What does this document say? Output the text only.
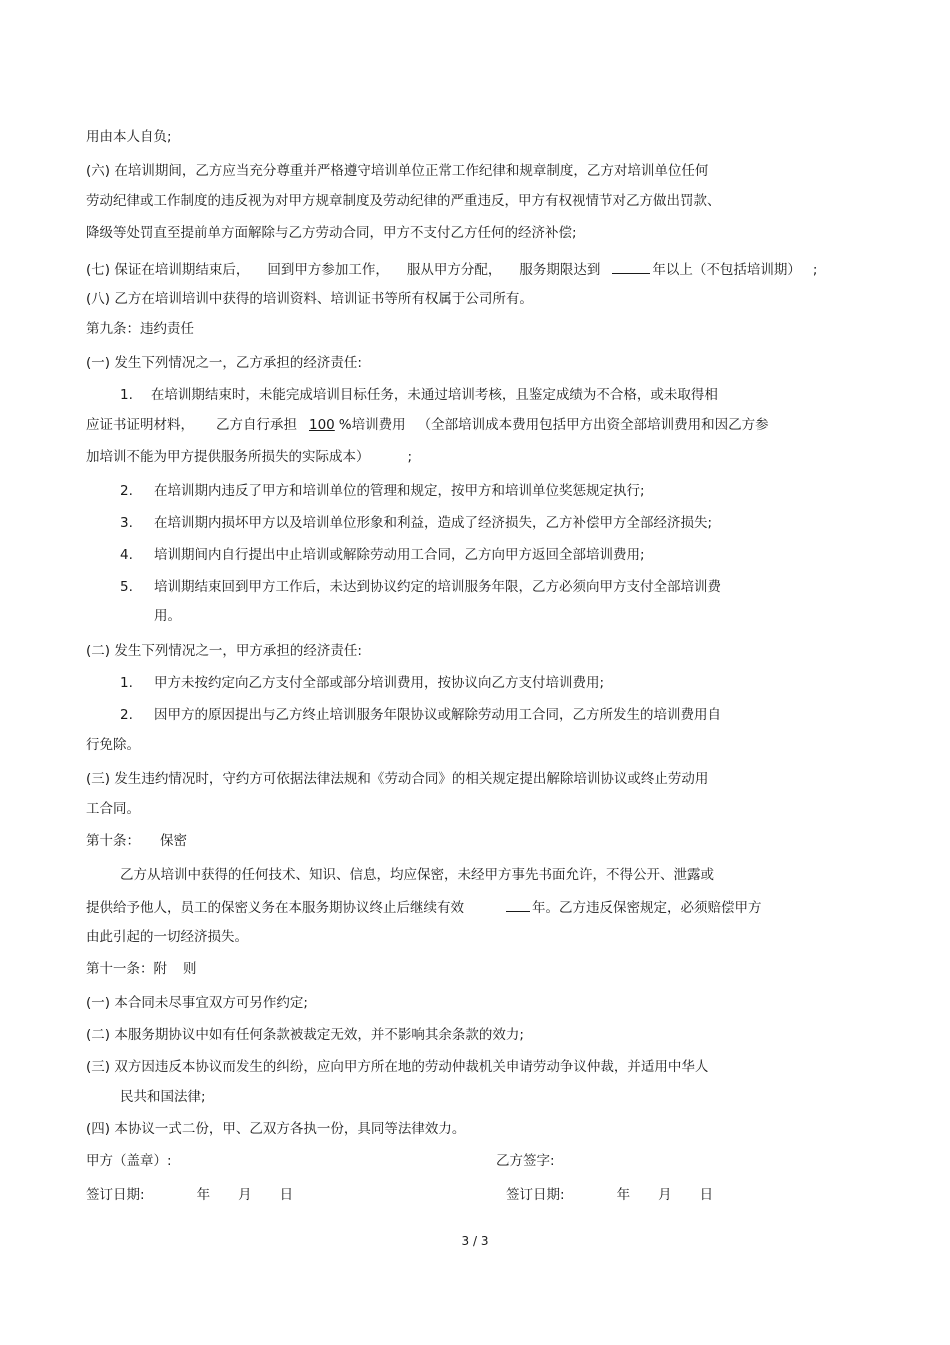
用由本人自负;
(六) 在培训期间，乙方应当充分尊重并严格遵守培训单位正常工作纪律和规章制度，乙方对培训单位任何
劳动纪律或工作制度的违反视为对甲方规章制度及劳动纪律的严重违反，甲方有权视情节对乙方做出罚款、
降级等处罚直至提前单方面解除与乙方劳动合同，甲方不支付乙方任何的经济补偿;
(七) 保证在培训期结束后， 回到甲方参加工作， 服从甲方分配， 服务期限达到	年以上（不包括培训期） ;
(八) 乙方在培训培训中获得的培训资料、培训证书等所有权属于公司所有。
第九条：违约责任
(一) 发生下列情况之一，乙方承担的经济责任:
1. 在培训期结束时，未能完成培训目标任务，未通过培训考核，且鉴定成绩为不合格，或未取得相
应证书证明材料， 乙方自行承担 100 %培训费用 （全部培训成本费用包括甲方出资全部培训费用和因乙方参
加培训不能为甲方提供服务所损失的实际成本）	;
2. 在培训期内违反了甲方和培训单位的管理和规定，按甲方和培训单位奖惩规定执行;
3. 在培训期内损坏甲方以及培训单位形象和利益，造成了经济损失，乙方补偿甲方全部经济损失;
4. 培训期间内自行提出中止培训或解除劳动用工合同，乙方向甲方返回全部培训费用;
5. 培训期结束回到甲方工作后，未达到协议约定的培训服务年限，乙方必须向甲方支付全部培训费
用。
(二) 发生下列情况之一，甲方承担的经济责任:
1. 甲方未按约定向乙方支付全部或部分培训费用，按协议向乙方支付培训费用;
2. 因甲方的原因提出与乙方终止培训服务年限协议或解除劳动用工合同，乙方所发生的培训费用自
行免除。
(三) 发生违约情况时，守约方可依据法律法规和《劳动合同》的相关规定提出解除培训协议或终止劳动用
工合同。
第十条： 保密
乙方从培训中获得的任何技术、知识、信息，均应保密，未经甲方事先书面允许，不得公开、泄露或
提供给予他人，员工的保密义务在本服务期协议终止后继续有效	年。乙方违反保密规定，必须赔偿甲方
由此引起的一切经济损失。
第十一条：附 则
(一) 本合同未尽事宜双方可另作约定;
(二) 本服务期协议中如有任何条款被裁定无效，并不影响其余条款的效力;
(三) 双方因违反本协议而发生的纠纷，应向甲方所在地的劳动仲裁机关申请劳动争议仲裁，并适用中华人
民共和国法律;
(四) 本协议一式二份，甲、乙双方各执一份，具同等法律效力。
甲方（盖章）:	乙方签字:
签订日期:	年 月 日	签订日期:	年 月 日
3 / 3
